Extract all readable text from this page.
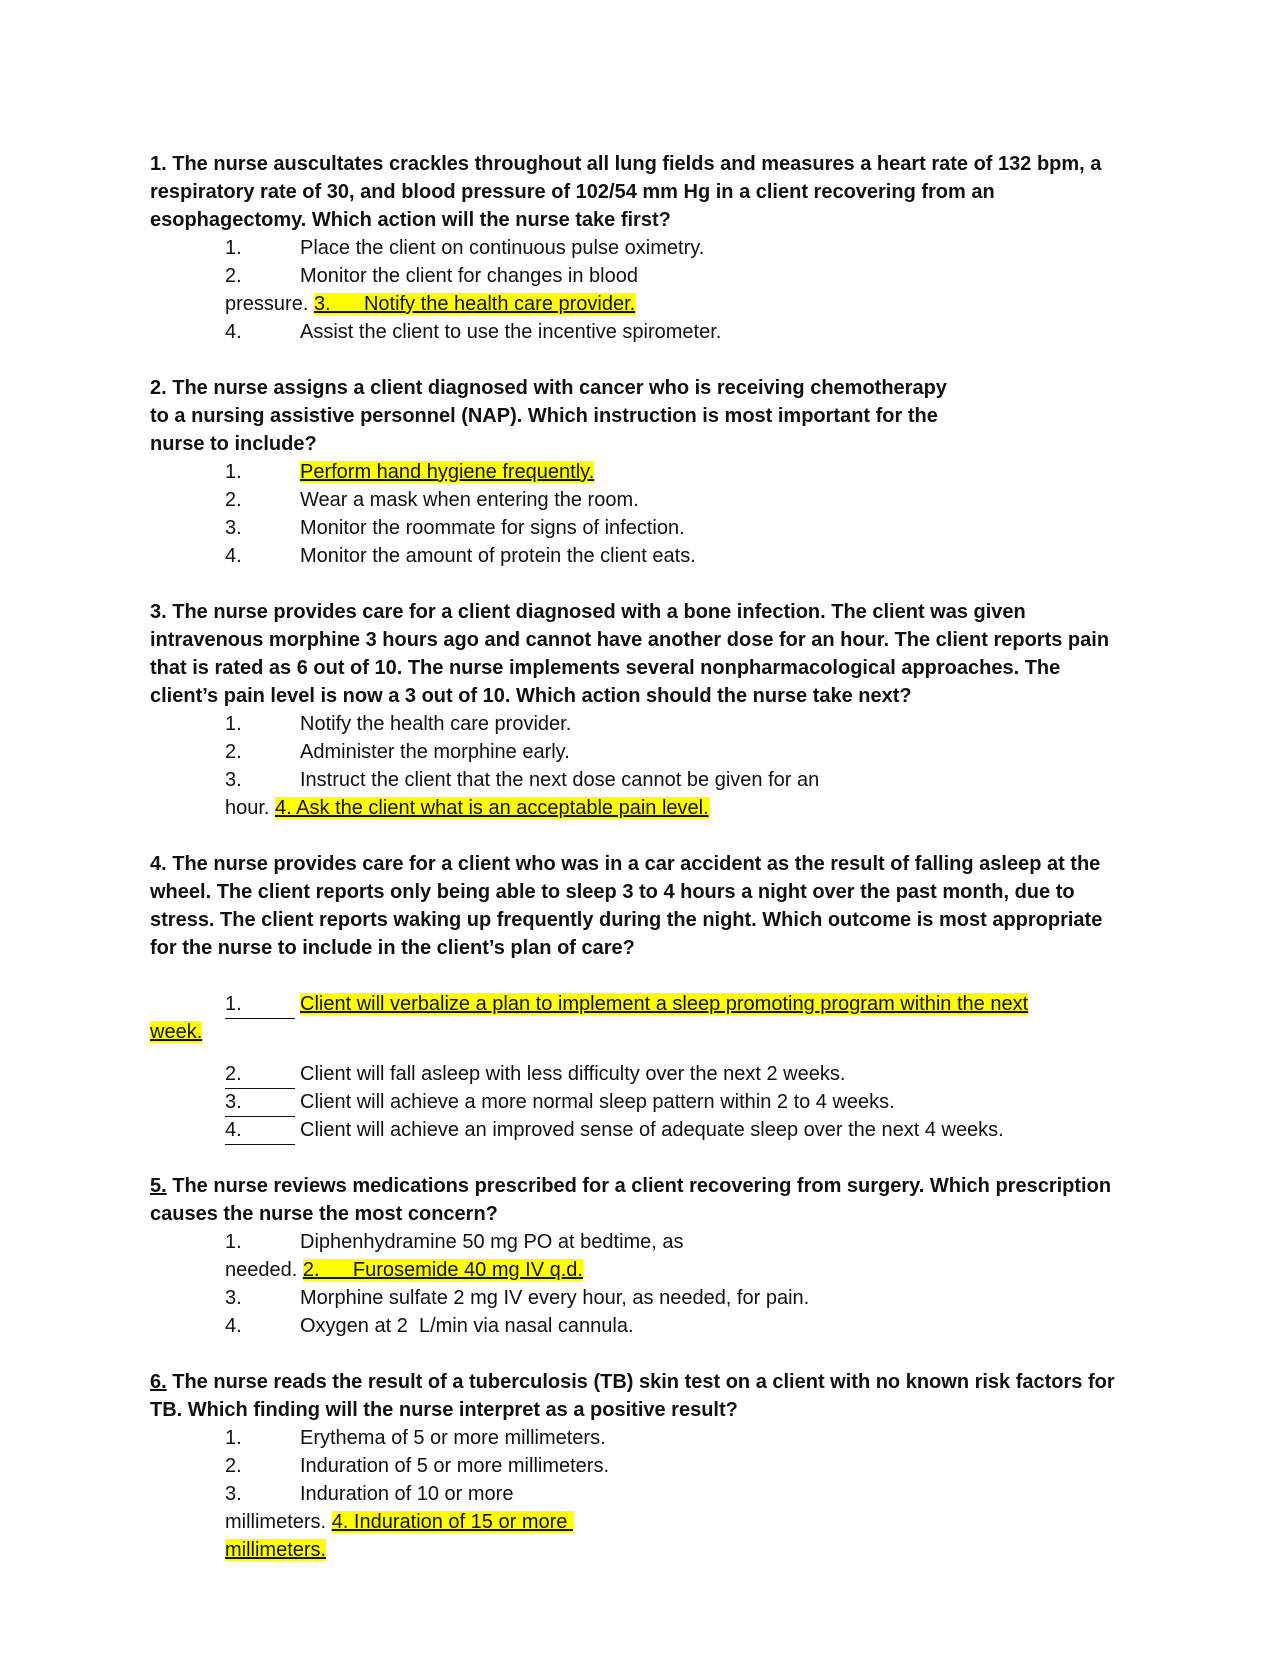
1. The nurse auscultates crackles throughout all lung fields and measures a heart rate of 132 bpm, a respiratory rate of 30, and blood pressure of 102/54 mm Hg in a client recovering from an esophagectomy. Which action will the nurse take first?
1.	Place the client on continuous pulse oximetry.
2.	Monitor the client for changes in blood
pressure. 3.      Notify the health care provider.
4.	Assist the client to use the incentive spirometer.
2. The nurse assigns a client diagnosed with cancer who is receiving chemotherapy to a nursing assistive personnel (NAP). Which instruction is most important for the nurse to include?
1.	Perform hand hygiene frequently.
2.	Wear a mask when entering the room.
3.	Monitor the roommate for signs of infection.
4.	Monitor the amount of protein the client eats.
3. The nurse provides care for a client diagnosed with a bone infection. The client was given intravenous morphine 3 hours ago and cannot have another dose for an hour. The client reports pain that is rated as 6 out of 10. The nurse implements several nonpharmacological approaches. The client’s pain level is now a 3 out of 10. Which action should the nurse take next?
1.	Notify the health care provider.
2.	Administer the morphine early.
3.	Instruct the client that the next dose cannot be given for an
hour. 4. Ask the client what is an acceptable pain level.
4. The nurse provides care for a client who was in a car accident as the result of falling asleep at the wheel. The client reports only being able to sleep 3 to 4 hours a night over the past month, due to stress. The client reports waking up frequently during the night. Which outcome is most appropriate for the nurse to include in the client’s plan of care?
1.	Client will verbalize a plan to implement a sleep promoting program within the next
week.
2.	Client will fall asleep with less difficulty over the next 2 weeks.
3.	Client will achieve a more normal sleep pattern within 2 to 4 weeks.
4.	Client will achieve an improved sense of adequate sleep over the next 4 weeks.
5. The nurse reviews medications prescribed for a client recovering from surgery. Which prescription causes the nurse the most concern?
1.	Diphenhydramine 50 mg PO at bedtime, as
needed. 2.      Furosemide 40 mg IV q.d.
3.	Morphine sulfate 2 mg IV every hour, as needed, for pain.
4.	Oxygen at 2  L/min via nasal cannula.
6. The nurse reads the result of a tuberculosis (TB) skin test on a client with no known risk factors for TB. Which finding will the nurse interpret as a positive result?
1.	Erythema of 5 or more millimeters.
2.	Induration of 5 or more millimeters.
3.	Induration of 10 or more
millimeters. 4. Induration of 15 or more
millimeters.
